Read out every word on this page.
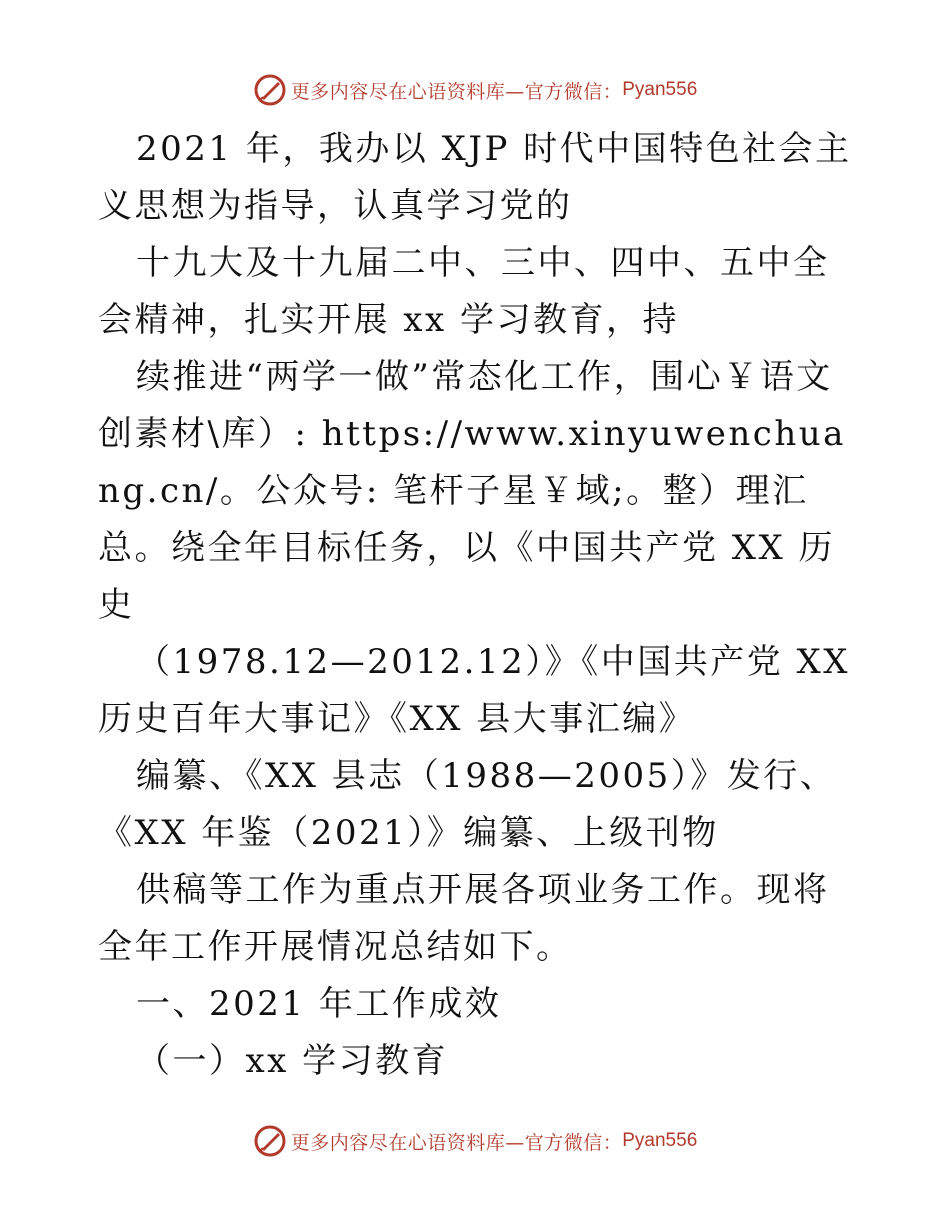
更多内容尽在心语资料库—官方微信： Pyan556

2021 年，我办以 XJP 时代中国特色社会主义思想为指导，认真学习党的

十九大及十九届二中、三中、四中、五中全会精神，扎实开展 xx 学习教育，持

续推进“两学一做”常态化工作，围心￥语文创素材\库）: https://www.xinyuwenchuang.cn/。公众号: 笔杆子星￥域;。整）理汇总。绕全年目标任务，以《中国共产党 XX 历史

（1978.12—2012.12）》《中国共产党 XX 历史百年大事记》《XX 县大事汇编》

编纂、《XX 县志（1988—2005）》发行、《XX 年鉴（2021）》编纂、上级刊物

供稿等工作为重点开展各项业务工作。现将全年工作开展情况总结如下。

一、2021 年工作成效

（一）xx 学习教育

更多内容尽在心语资料库—官方微信： Pyan556
